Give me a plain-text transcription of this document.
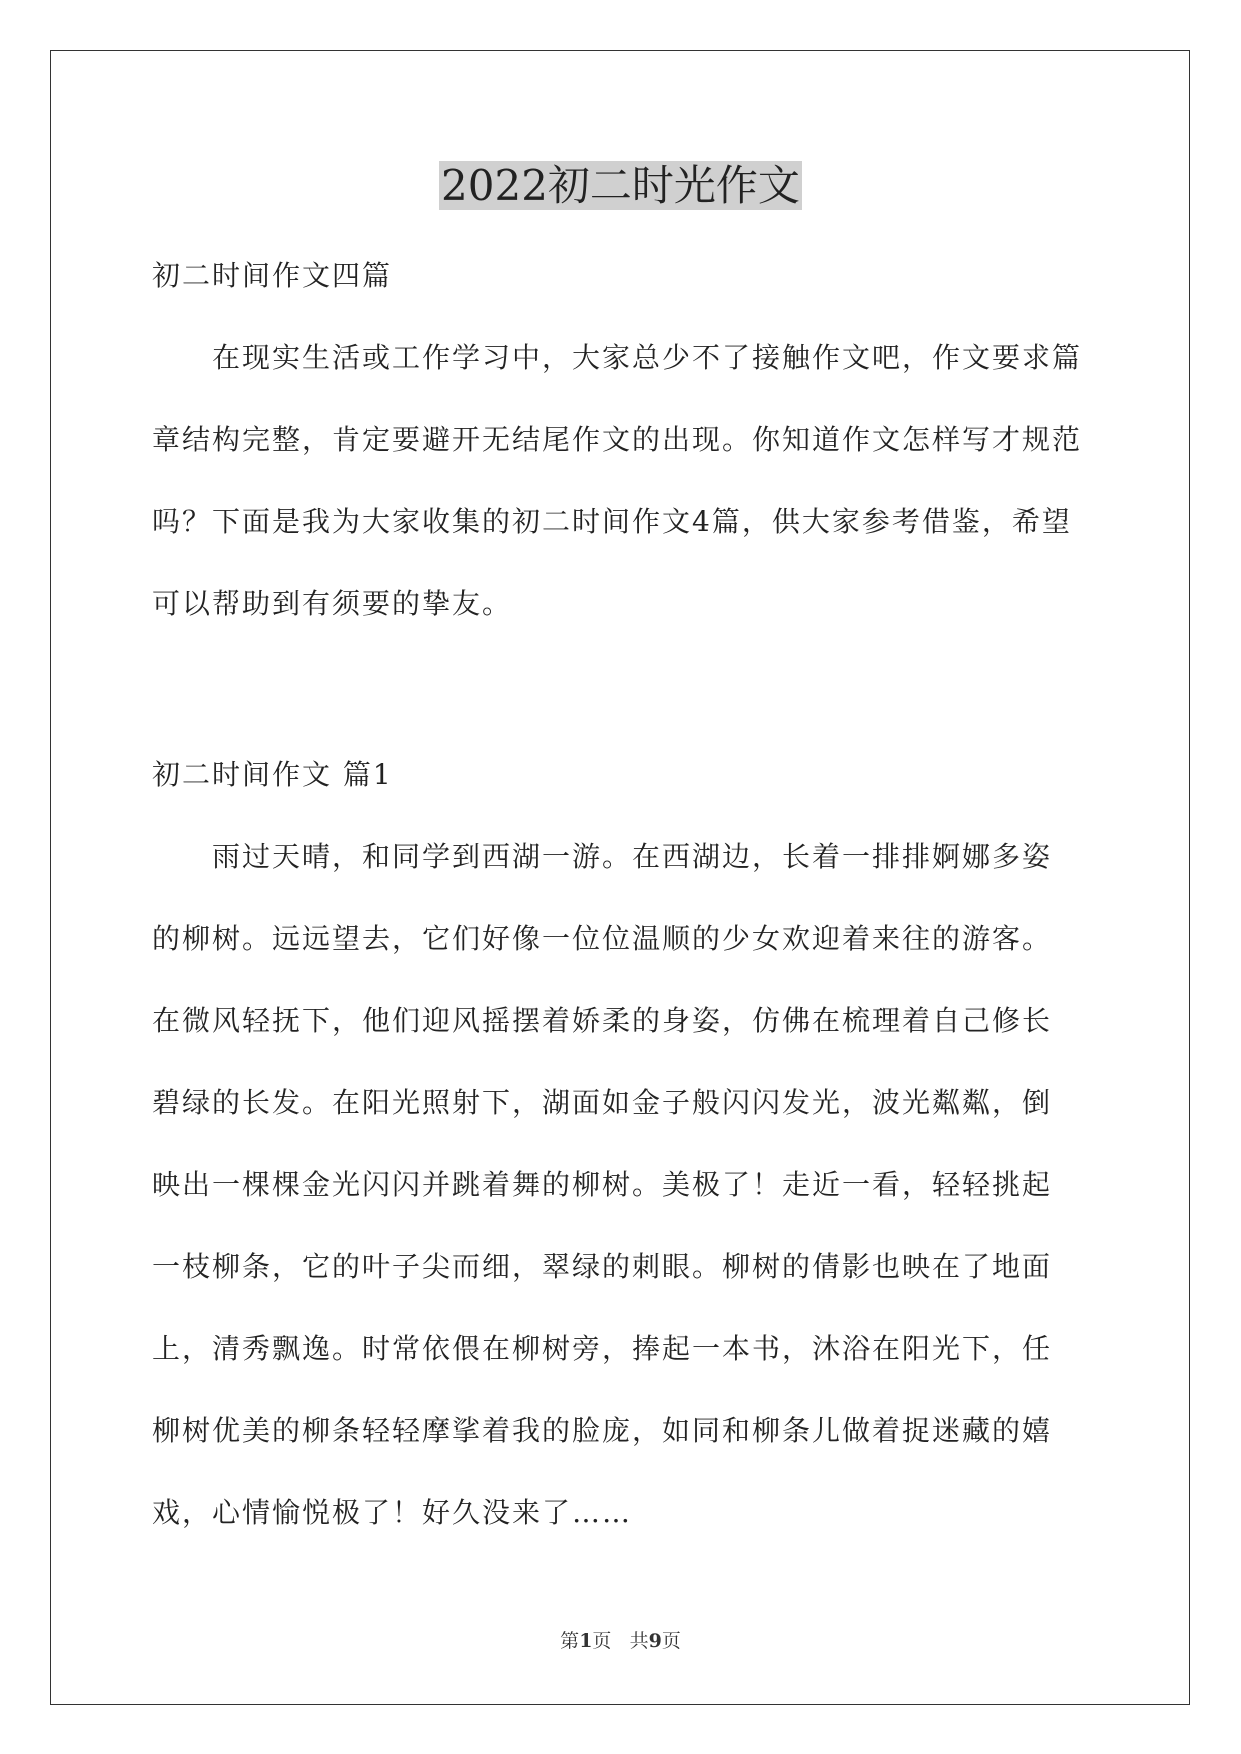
2022初二时光作文

初二时间作文四篇

在现实生活或工作学习中，大家总少不了接触作文吧，作文要求篇章结构完整，肯定要避开无结尾作文的出现。你知道作文怎样写才规范吗？下面是我为大家收集的初二时间作文4篇，供大家参考借鉴，希望可以帮助到有须要的挚友。

初二时间作文 篇1

雨过天晴，和同学到西湖一游。在西湖边，长着一排排婀娜多姿
的柳树。远远望去，它们好像一位位温顺的少女欢迎着来往的游客。
在微风轻抚下，他们迎风摇摆着娇柔的身姿，仿佛在梳理着自己修长
碧绿的长发。在阳光照射下，湖面如金子般闪闪发光，波光粼粼，倒
映出一棵棵金光闪闪并跳着舞的柳树。美极了！走近一看，轻轻挑起
一枝柳条，它的叶子尖而细，翠绿的刺眼。柳树的倩影也映在了地面
上，清秀飘逸。时常依偎在柳树旁，捧起一本书，沐浴在阳光下，任
柳树优美的柳条轻轻摩挲着我的脸庞，如同和柳条儿做着捉迷藏的嬉
戏，心情愉悦极了！好久没来了……
第1页 共9页
